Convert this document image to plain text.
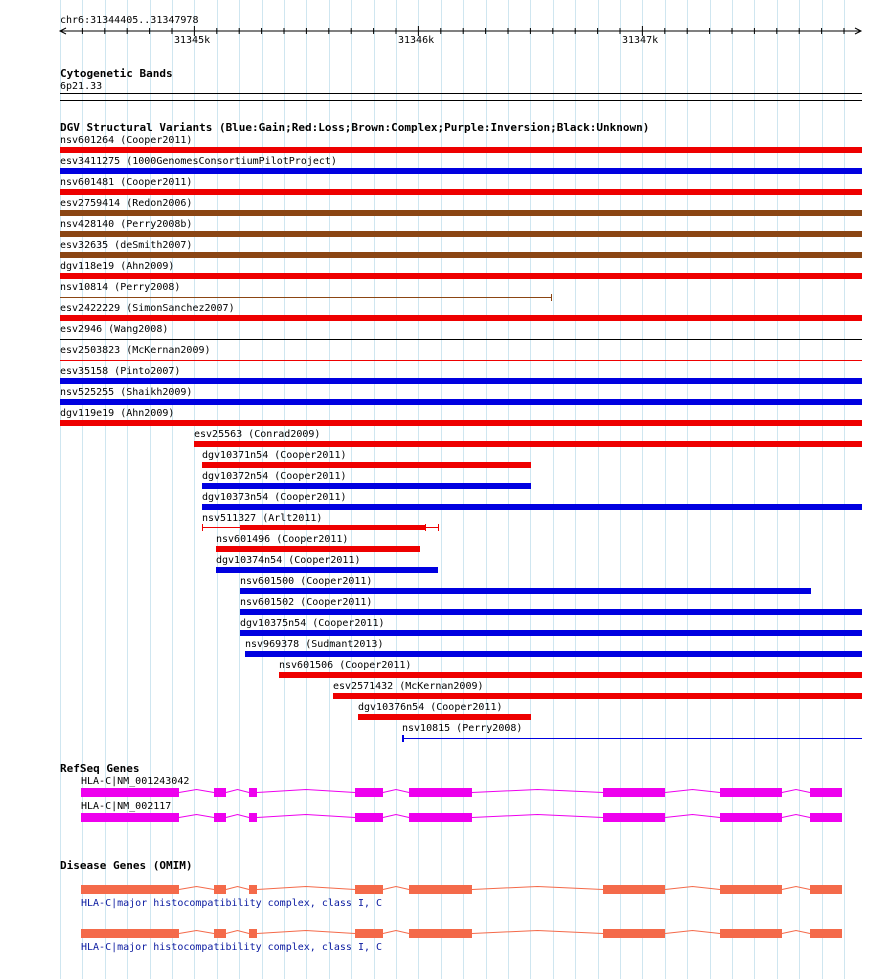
chr6:31344405..31347978
31345k	31346k	31347k
Cytogenetic Bands
6p21.33
DGV Structural Variants (Blue:Gain;Red:Loss;Brown:Complex;Purple:Inversion;Black:Unknown)
nsv601264 (Cooper2011)
esv3411275 (1000GenomesConsortiumPilotProject)
nsv601481 (Cooper2011)
esv2759414 (Redon2006)
nsv428140 (Perry2008b)
esv32635 (deSmith2007)
dgv118e19 (Ahn2009)
nsv10814 (Perry2008)
esv2422229 (SimonSanchez2007)
esv2946 (Wang2008)
esv2503823 (McKernan2009)
esv35158 (Pinto2007)
nsv525255 (Shaikh2009)
dgv119e19 (Ahn2009)
esv25563 (Conrad2009)
dgv10371n54 (Cooper2011)
dgv10372n54 (Cooper2011)
dgv10373n54 (Cooper2011)
nsv511327 (Arlt2011)
nsv601496 (Cooper2011)
dgv10374n54 (Cooper2011)
nsv601500 (Cooper2011)
nsv601502 (Cooper2011)
dgv10375n54 (Cooper2011)
nsv969378 (Sudmant2013)
nsv601506 (Cooper2011)
esv2571432 (McKernan2009)
dgv10376n54 (Cooper2011)
nsv10815 (Perry2008)
RefSeq Genes
HLA-C|NM_001243042
HLA-C|NM_002117
Disease Genes (OMIM)
HLA-C|major histocompatibility complex, class I, C
HLA-C|major histocompatibility complex, class I, C
